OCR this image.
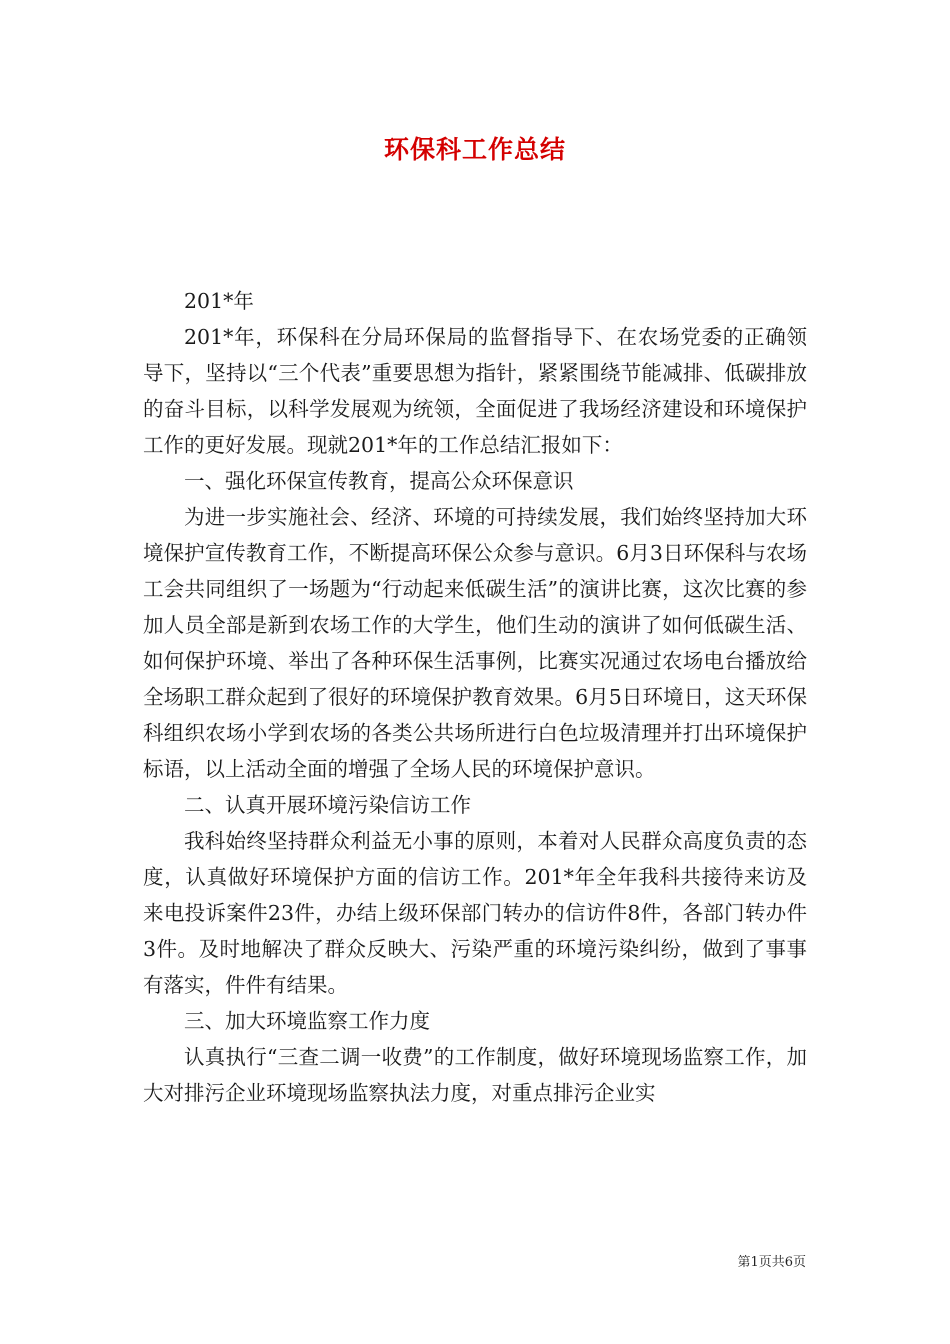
环保科工作总结

201*年

201*年，环保科在分局环保局的监督指导下、在农场党委的正确领导下，坚持以“三个代表”重要思想为指针，紧紧围绕节能减排、低碳排放的奋斗目标，以科学发展观为统领，全面促进了我场经济建设和环境保护工作的更好发展。现就201*年的工作总结汇报如下：

一、强化环保宣传教育，提高公众环保意识

为进一步实施社会、经济、环境的可持续发展，我们始终坚持加大环境保护宣传教育工作，不断提高环保公众参与意识。6月3日环保科与农场工会共同组织了一场题为“行动起来低碳生活”的演讲比赛，这次比赛的参加人员全部是新到农场工作的大学生，他们生动的演讲了如何低碳生活、如何保护环境、举出了各种环保生活事例，比赛实况通过农场电台播放给全场职工群众起到了很好的环境保护教育效果。6月5日环境日，这天环保科组织农场小学到农场的各类公共场所进行白色垃圾清理并打出环境保护标语，以上活动全面的增强了全场人民的环境保护意识。

二、认真开展环境污染信访工作

我科始终坚持群众利益无小事的原则，本着对人民群众高度负责的态度，认真做好环境保护方面的信访工作。201*年全年我科共接待来访及来电投诉案件23件，办结上级环保部门转办的信访件8件，各部门转办件3件。及时地解决了群众反映大、污染严重的环境污染纠纷，做到了事事有落实，件件有结果。

三、加大环境监察工作力度

认真执行“三查二调一收费”的工作制度，做好环境现场监察工作，加大对排污企业环境现场监察执法力度，对重点排污企业实

第1页共6页
